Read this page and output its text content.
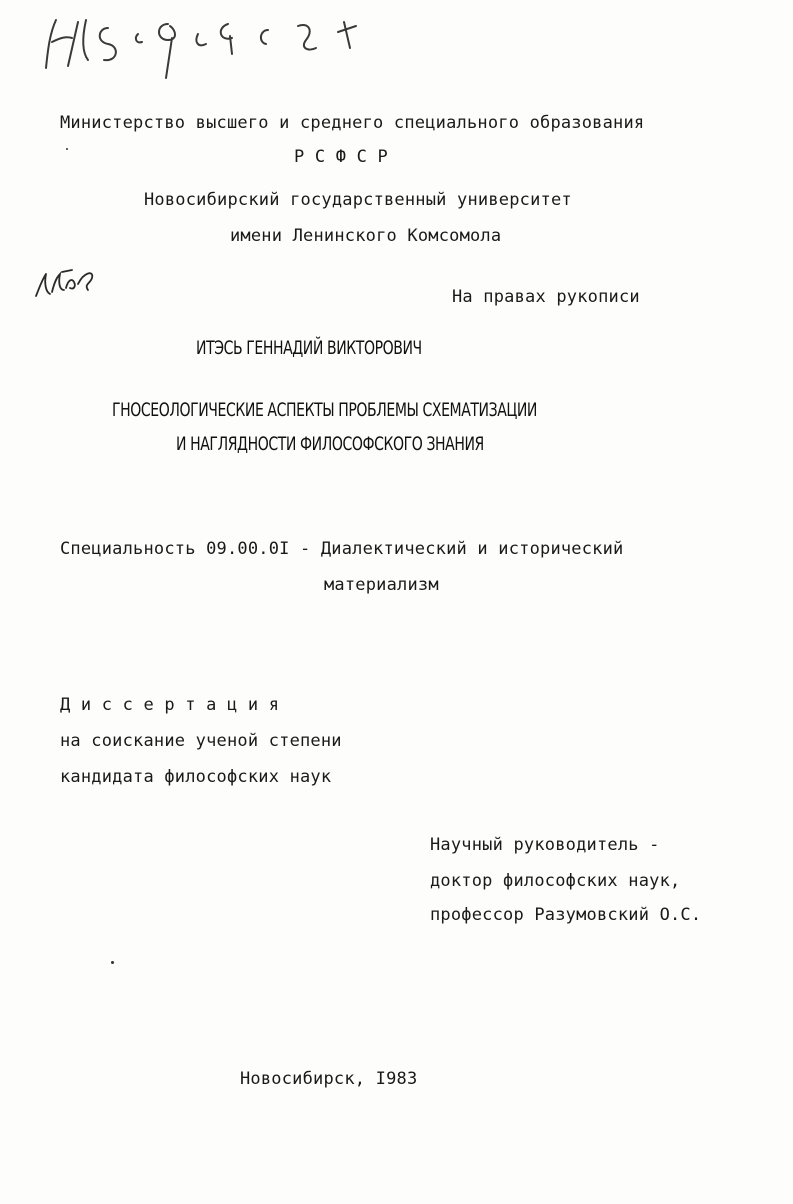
Министерство высшего и среднего специального образования
Р С Ф С Р
Новосибирский государственный университет
имени Ленинского Комсомола
На правах рукописи
ИТЭСЬ ГЕННАДИЙ ВИКТОРОВИЧ
ГНОСЕОЛОГИЧЕСКИЕ АСПЕКТЫ ПРОБЛЕМЫ СХЕМАТИЗАЦИИ
И НАГЛЯДНОСТИ ФИЛОСОФСКОГО ЗНАНИЯ
Специальность 09.00.0I - Диалектический и исторический
материализм
Д и с с е р т а ц и я
на соискание ученой степени
кандидата философских наук
Научный руководитель -
доктор философских наук,
профессор Разумовский О.С.
Новосибирск, I983
